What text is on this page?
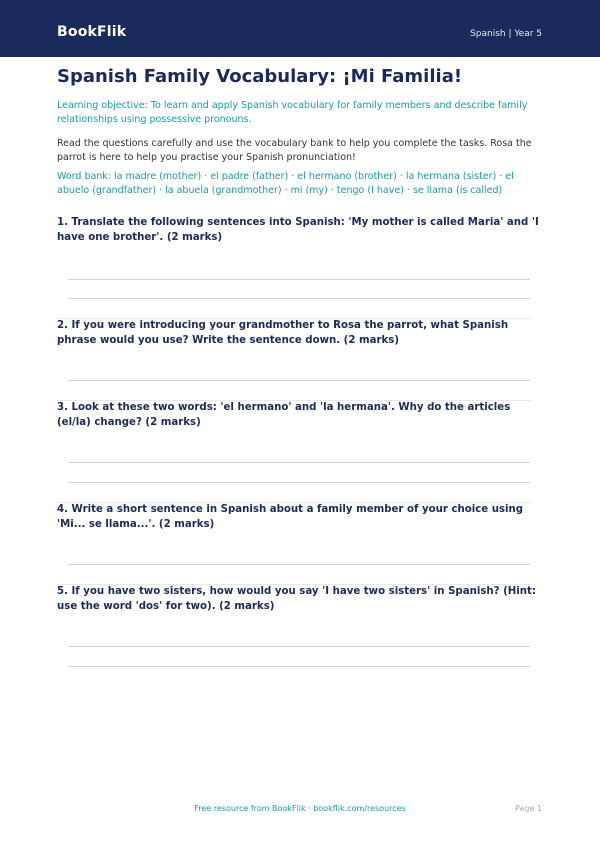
BookFlik	Spanish | Year 5
Spanish Family Vocabulary: ¡Mi Familia!
Learning objective: To learn and apply Spanish vocabulary for family members and describe family relationships using possessive pronouns.
Read the questions carefully and use the vocabulary bank to help you complete the tasks. Rosa the parrot is here to help you practise your Spanish pronunciation!
Word bank: la madre (mother) · el padre (father) · el hermano (brother) · la hermana (sister) · el abuelo (grandfather) · la abuela (grandmother) · mi (my) · tengo (I have) · se llama (is called)
1. Translate the following sentences into Spanish: 'My mother is called Maria' and 'I have one brother'. (2 marks)
2. If you were introducing your grandmother to Rosa the parrot, what Spanish phrase would you use? Write the sentence down. (2 marks)
3. Look at these two words: 'el hermano' and 'la hermana'. Why do the articles (el/la) change? (2 marks)
4. Write a short sentence in Spanish about a family member of your choice using 'Mi... se llama...'. (2 marks)
5. If you have two sisters, how would you say 'I have two sisters' in Spanish? (Hint: use the word 'dos' for two). (2 marks)
Free resource from BookFlik · bookflik.com/resources	Page 1
